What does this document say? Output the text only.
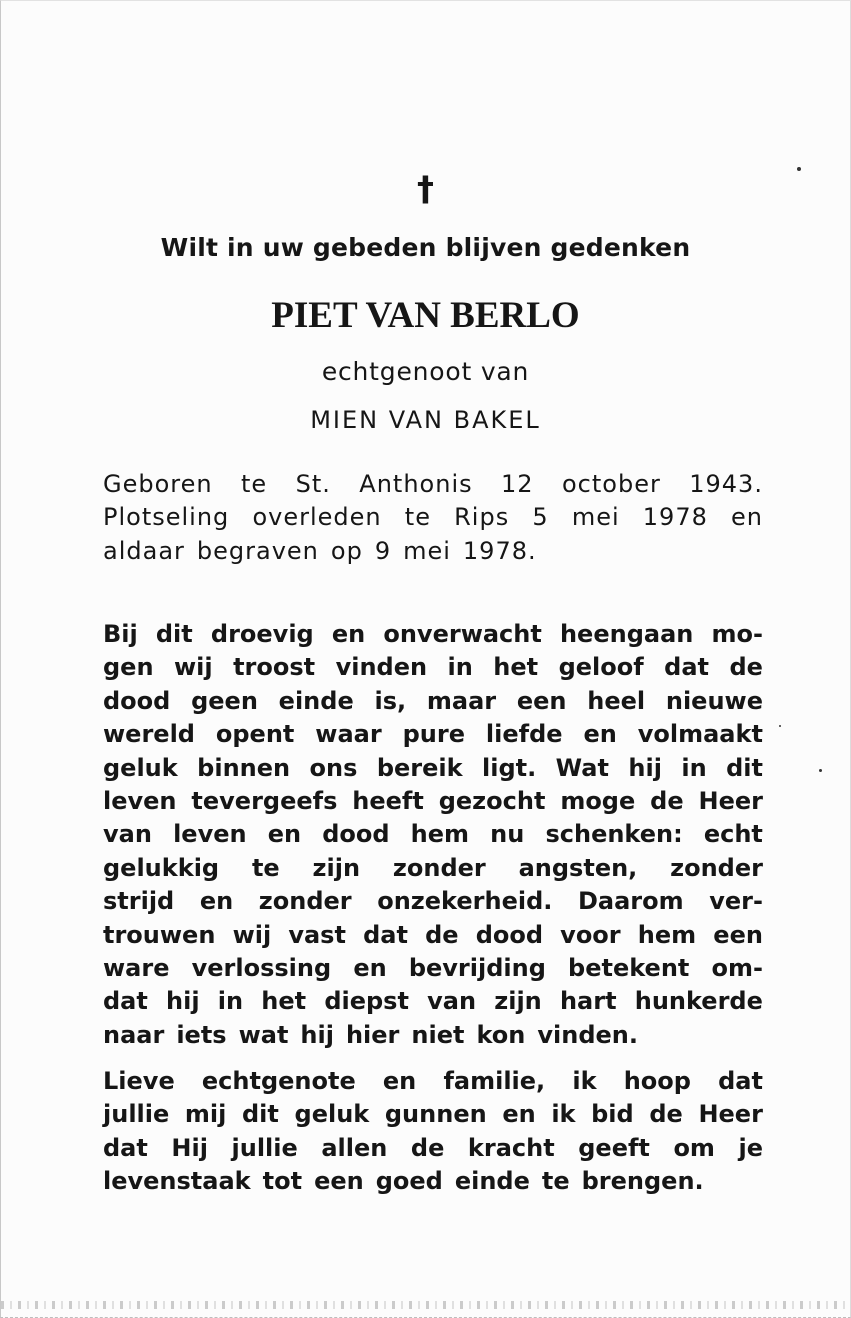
†
Wilt in uw gebeden blijven gedenken
PIET VAN BERLO
echtgenoot van
MIEN VAN BAKEL
Geboren te St. Anthonis 12 october 1943.
Plotseling overleden te Rips 5 mei 1978 en
aldaar begraven op 9 mei 1978.
Bij dit droevig en onverwacht heengaan mo-
gen wij troost vinden in het geloof dat de
dood geen einde is, maar een heel nieuwe
wereld opent waar pure liefde en volmaakt
geluk binnen ons bereik ligt. Wat hij in dit
leven tevergeefs heeft gezocht moge de Heer
van leven en dood hem nu schenken: echt
gelukkig te zijn zonder angsten, zonder
strijd en zonder onzekerheid. Daarom ver-
trouwen wij vast dat de dood voor hem een
ware verlossing en bevrijding betekent om-
dat hij in het diepst van zijn hart hunkerde
naar iets wat hij hier niet kon vinden.
Lieve echtgenote en familie, ik hoop dat
jullie mij dit geluk gunnen en ik bid de Heer
dat Hij jullie allen de kracht geeft om je
levenstaak tot een goed einde te brengen.
